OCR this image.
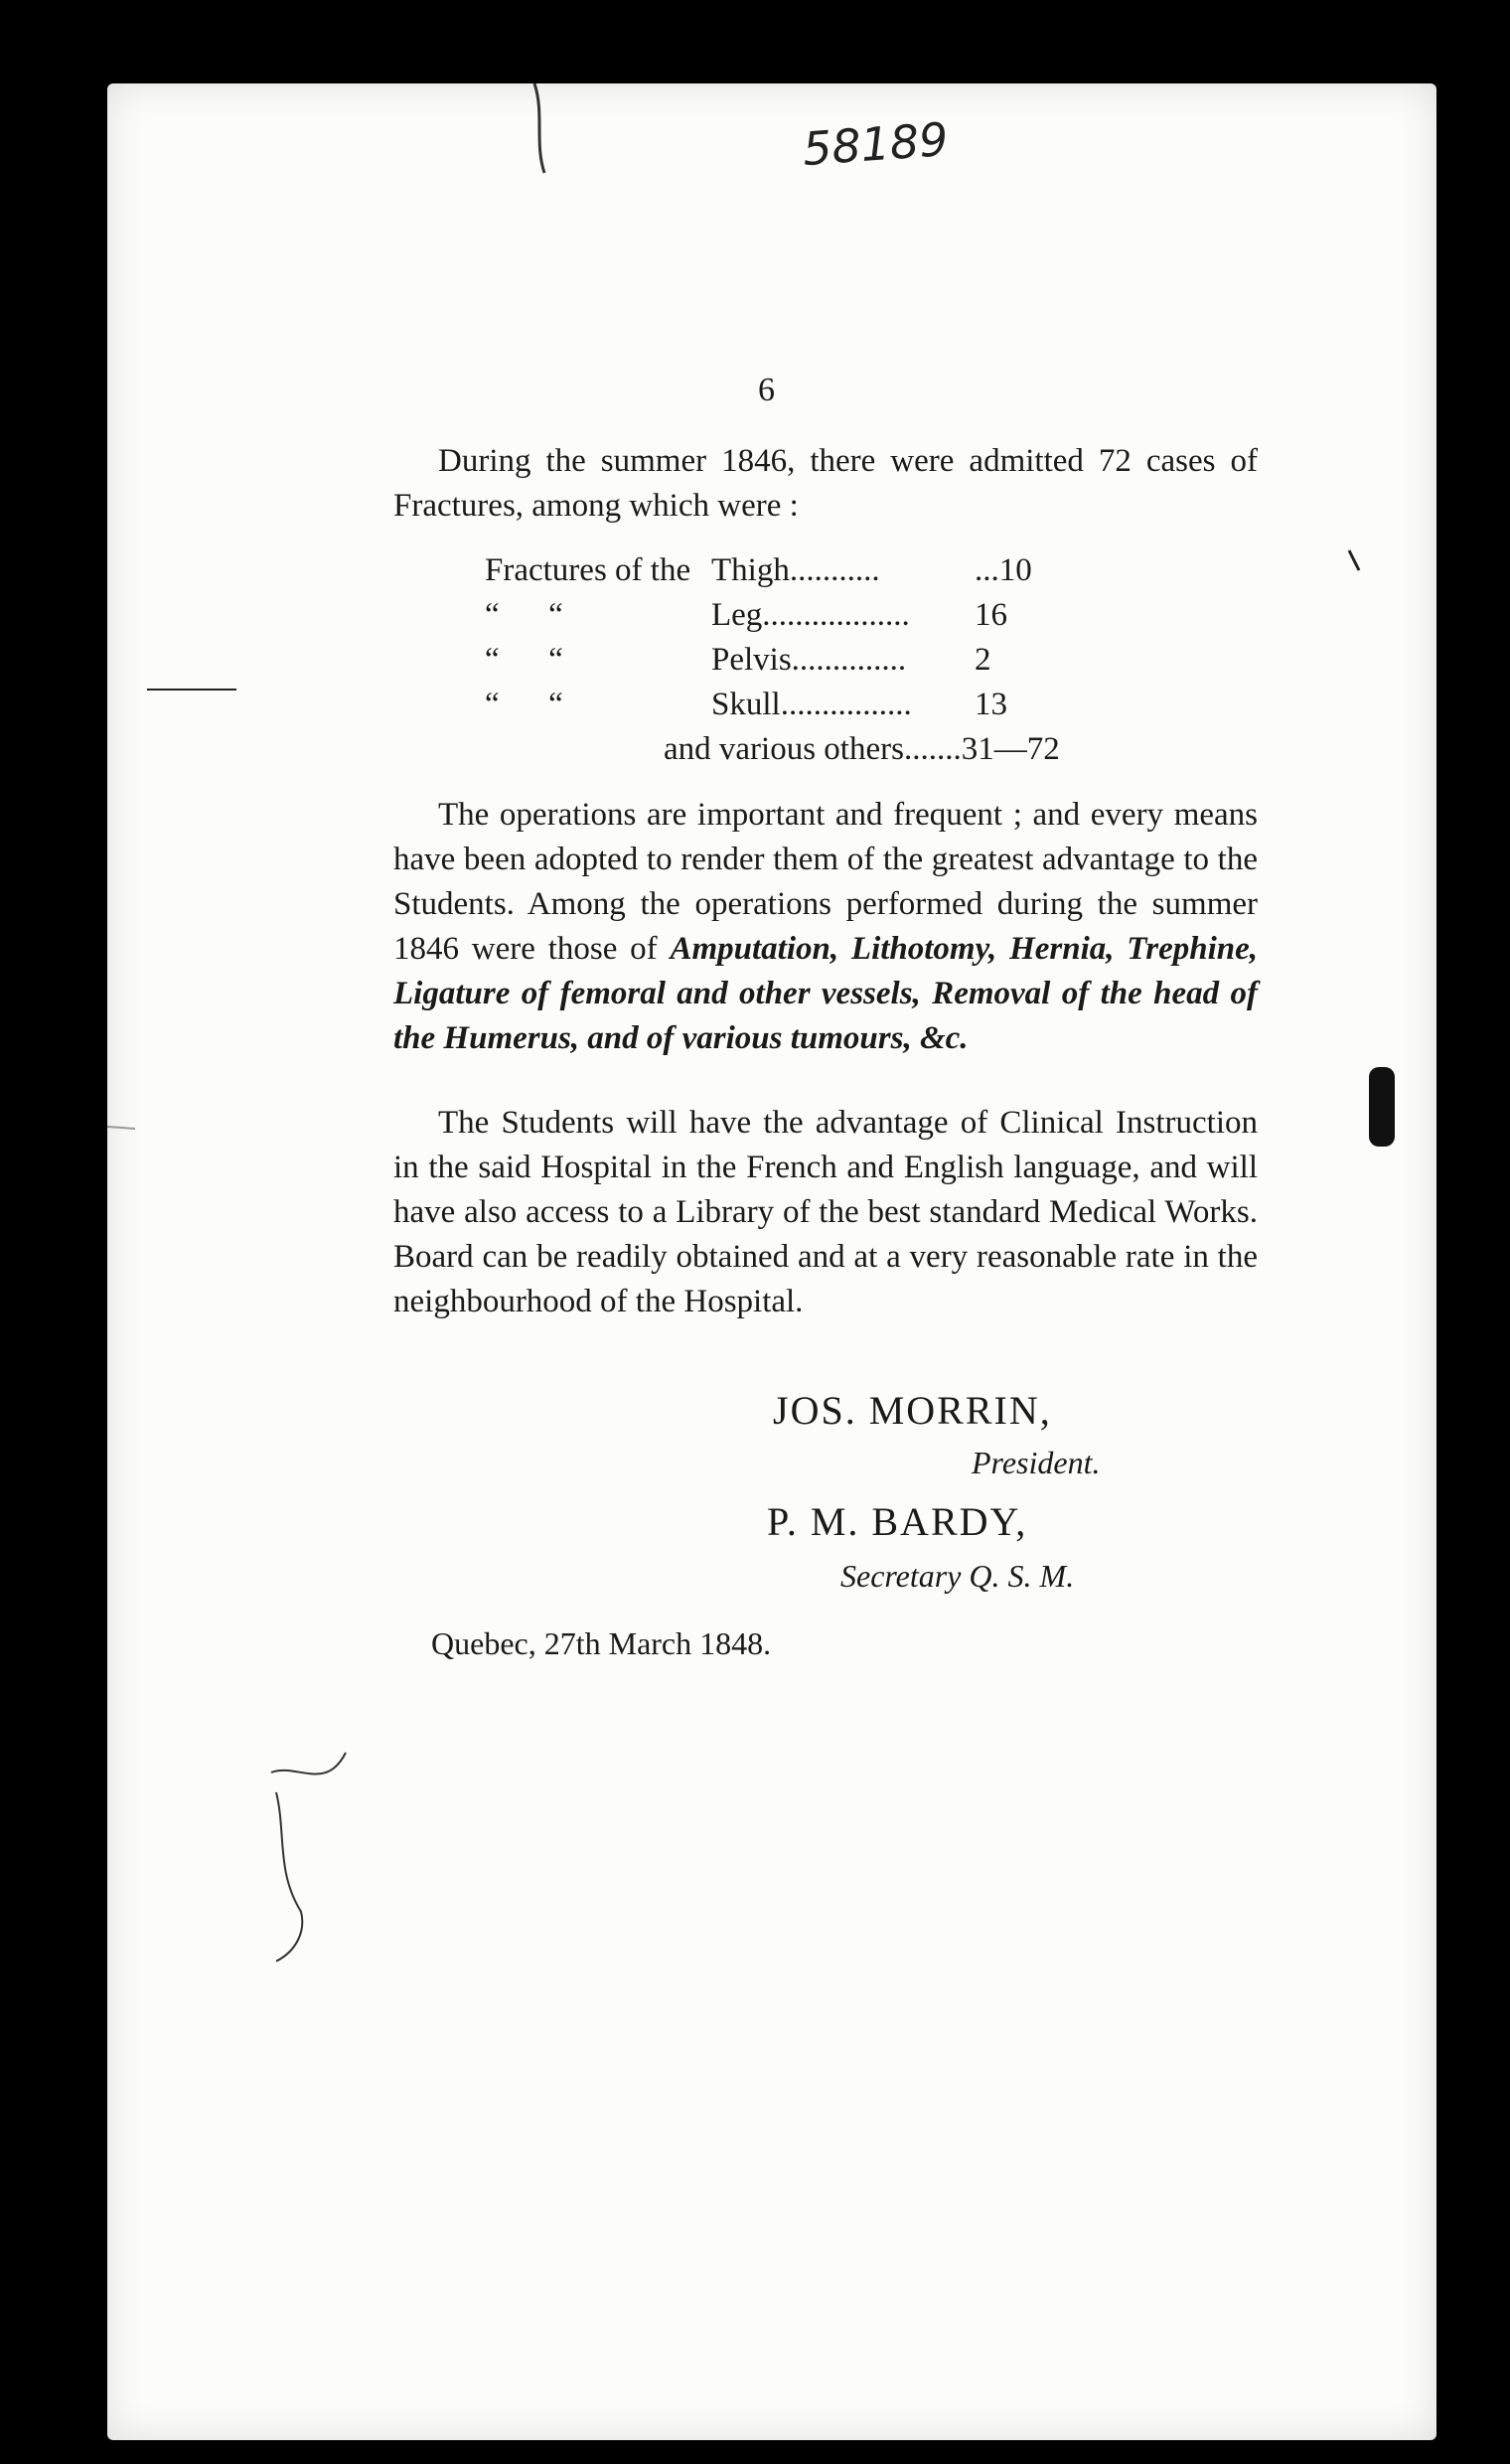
58189
6
During the summer 1846, there were admitted 72 cases of Fractures, among which were :
Fractures of the Thigh...........	...10
“      “	Leg..................	16
“      “	Pelvis..............	2
“      “	Skull................	13
and various others.......31—72
The operations are important and frequent ; and every means have been adopted to render them of the greatest advantage to the Students. Among the operations performed during the summer 1846 were those of Amputation, Lithotomy, Hernia, Trephine, Ligature of femoral and other vessels, Removal of the head of the Humerus, and of various tumours, &c.
The Students will have the advantage of Clinical Instruction in the said Hospital in the French and English language, and will have also access to a Library of the best standard Medical Works. Board can be readily obtained and at a very reasonable rate in the neighbourhood of the Hospital.
JOS. MORRIN,
President.
P. M. BARDY,
Secretary Q. S. M.
Quebec, 27th March 1848.
